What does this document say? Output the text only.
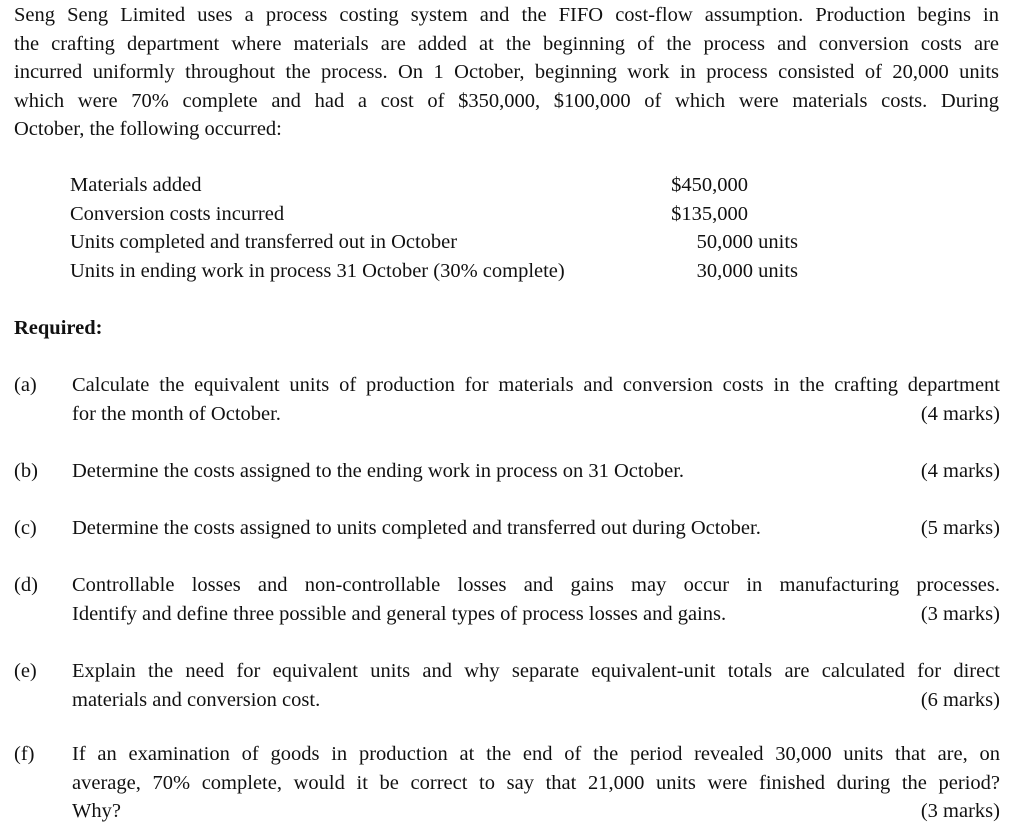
Seng Seng Limited uses a process costing system and the FIFO cost-flow assumption. Production begins in
the crafting department where materials are added at the beginning of the process and conversion costs are
incurred uniformly throughout the process. On 1 October, beginning work in process consisted of 20,000 units
which were 70% complete and had a cost of $350,000, $100,000 of which were materials costs. During
October, the following occurred:
Materials added	$450,000
Conversion costs incurred	$135,000
Units completed and transferred out in October	50,000 units
Units in ending work in process 31 October (30% complete)	30,000 units
Required:
(a) Calculate the equivalent units of production for materials and conversion costs in the crafting department
for the month of October.	(4 marks)
(b) Determine the costs assigned to the ending work in process on 31 October.	(4 marks)
(c) Determine the costs assigned to units completed and transferred out during October.	(5 marks)
(d) Controllable losses and non-controllable losses and gains may occur in manufacturing processes.
Identify and define three possible and general types of process losses and gains.	(3 marks)
(e) Explain the need for equivalent units and why separate equivalent-unit totals are calculated for direct
materials and conversion cost.	(6 marks)
(f) If an examination of goods in production at the end of the period revealed 30,000 units that are, on
average, 70% complete, would it be correct to say that 21,000 units were finished during the period?
Why?	(3 marks)
